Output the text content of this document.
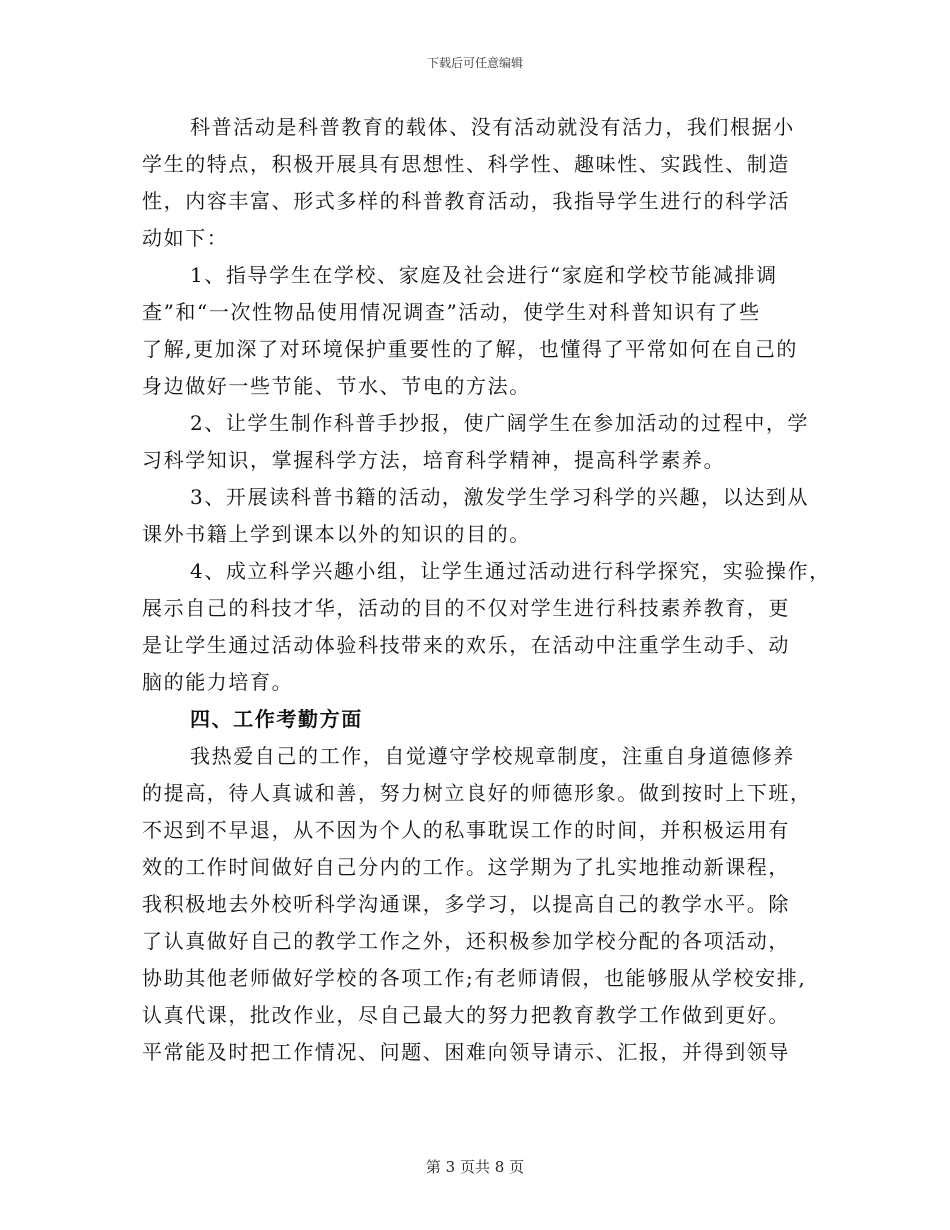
下载后可任意编辑
科普活动是科普教育的载体、没有活动就没有活力，我们根据小
学生的特点，积极开展具有思想性、科学性、趣味性、实践性、制造
性，内容丰富、形式多样的科普教育活动，我指导学生进行的科学活
动如下：
1、指导学生在学校、家庭及社会进行“家庭和学校节能减排调
查”和“一次性物品使用情况调查”活动，使学生对科普知识有了些
了解,更加深了对环境保护重要性的了解，也懂得了平常如何在自己的
身边做好一些节能、节水、节电的方法。
2、让学生制作科普手抄报，使广阔学生在参加活动的过程中，学
习科学知识，掌握科学方法，培育科学精神，提高科学素养。
3、开展读科普书籍的活动，激发学生学习科学的兴趣，以达到从
课外书籍上学到课本以外的知识的目的。
4、成立科学兴趣小组，让学生通过活动进行科学探究，实验操作，
展示自己的科技才华，活动的目的不仅对学生进行科技素养教育，更
是让学生通过活动体验科技带来的欢乐，在活动中注重学生动手、动
脑的能力培育。
四、工作考勤方面
我热爱自己的工作，自觉遵守学校规章制度，注重自身道德修养
的提高，待人真诚和善，努力树立良好的师德形象。做到按时上下班，
不迟到不早退，从不因为个人的私事耽误工作的时间，并积极运用有
效的工作时间做好自己分内的工作。这学期为了扎实地推动新课程，
我积极地去外校听科学沟通课，多学习，以提高自己的教学水平。除
了认真做好自己的教学工作之外，还积极参加学校分配的各项活动，
协助其他老师做好学校的各项工作;有老师请假，也能够服从学校安排,
认真代课，批改作业，尽自己最大的努力把教育教学工作做到更好。
平常能及时把工作情况、问题、困难向领导请示、汇报，并得到领导
第 3 页共 8 页
